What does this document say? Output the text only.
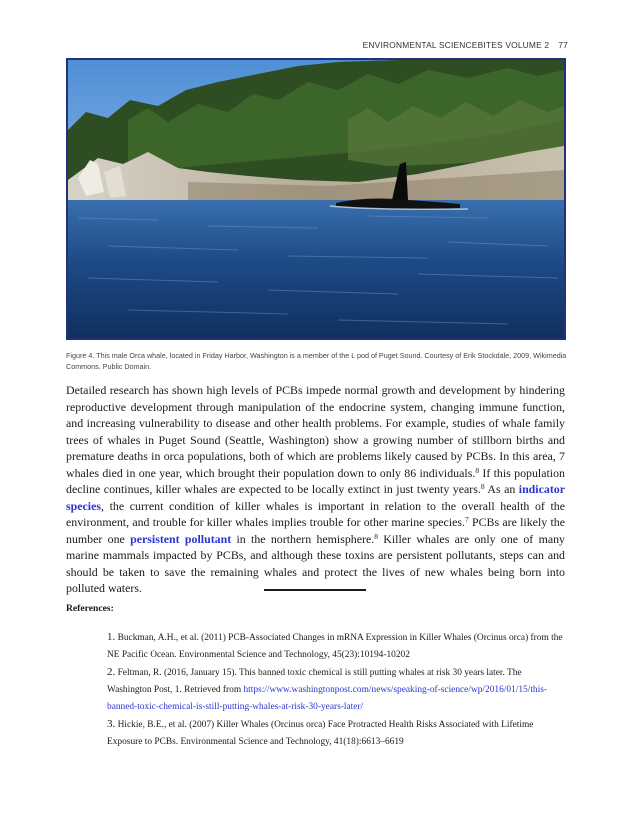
ENVIRONMENTAL SCIENCEBITES VOLUME 2 77
Figure 4. This male Orca whale, located in Friday Harbor, Washington is a member of the L pod of Puget Sound. Courtesy of Erik Stockdale, 2009, Wikimedia Commons. Public Domain.
Detailed research has shown high levels of PCBs impede normal growth and development by hindering reproductive development through manipulation of the endocrine system, changing immune function, and increasing vulnerability to disease and other health problems. For example, studies of whale family trees of whales in Puget Sound (Seattle, Washington) show a growing number of stillborn births and premature deaths in orca populations, both of which are problems likely caused by PCBs. In this area, 7 whales died in one year, which brought their population down to only 86 individuals.$^8$ If this population decline continues, killer whales are expected to be locally extinct in just twenty years.$^8$ As an indicator species, the current condition of killer whales is important in relation to the overall health of the environment, and trouble for killer whales implies trouble for other marine species.$^7$ PCBs are likely the number one persistent pollutant in the northern hemisphere.$^8$ Killer whales are only one of many marine mammals impacted by PCBs, and although these toxins are persistent pollutants, steps can and should be taken to save the remaining whales and protect the lives of new whales being born into polluted waters.
References:

1. Buckman, A.H., et al. (2011) PCB-Associated Changes in mRNA Expression in Killer Whales (Orcinus orca) from the NE Pacific Ocean. Environmental Science and Technology, 45(23):10194-10202

2. Feltman, R. (2016, January 15). This banned toxic chemical is still putting whales at risk 30 years later. The Washington Post, 1. Retrieved from https://www.washingtonpost.com/news/speaking-of-science/wp/2016/01/15/this-banned-toxic-chemical-is-still-putting-whales-at-risk-30-years-later/

3. Hickie, B.E., et al. (2007) Killer Whales (Orcinus orca) Face Protracted Health Risks Associated with Lifetime Exposure to PCBs. Environmental Science and Technology, 41(18):6613–6619
